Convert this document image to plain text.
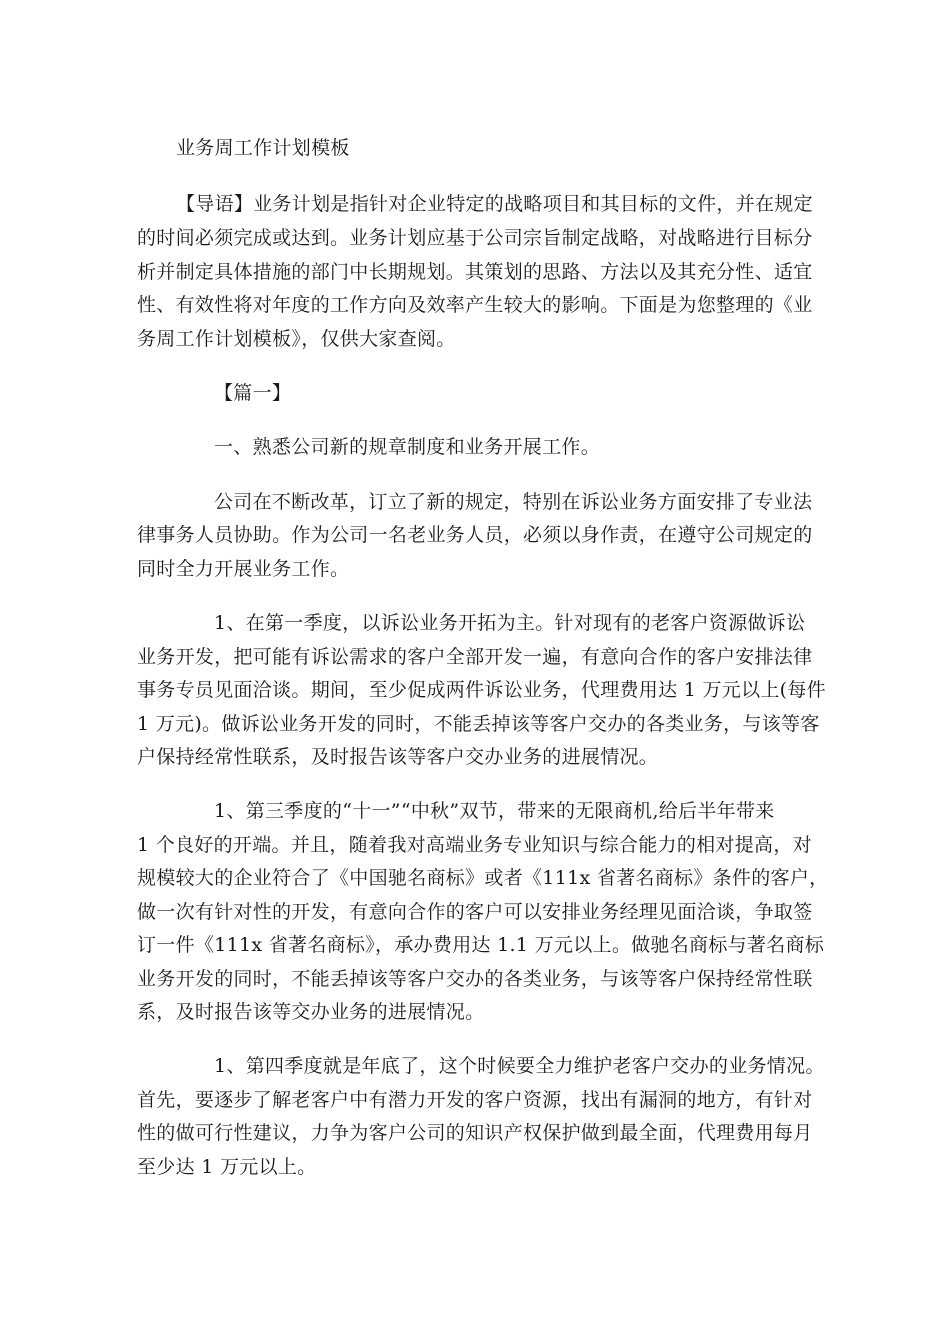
业务周工作计划模板
【导语】业务计划是指针对企业特定的战略项目和其目标的文件，并在规定
的时间必须完成或达到。业务计划应基于公司宗旨制定战略，对战略进行目标分
析并制定具体措施的部门中长期规划。其策划的思路、方法以及其充分性、适宜
性、有效性将对年度的工作方向及效率产生较大的影响。下面是为您整理的《业
务周工作计划模板》，仅供大家查阅。
【篇一】
一、熟悉公司新的规章制度和业务开展工作。
公司在不断改革，订立了新的规定，特别在诉讼业务方面安排了专业法
律事务人员协助。作为公司一名老业务人员，必须以身作责，在遵守公司规定的
同时全力开展业务工作。
1、在第一季度，以诉讼业务开拓为主。针对现有的老客户资源做诉讼
业务开发，把可能有诉讼需求的客户全部开发一遍，有意向合作的客户安排法律
事务专员见面洽谈。期间，至少促成两件诉讼业务，代理费用达 1 万元以上(每件
1 万元)。做诉讼业务开发的同时，不能丢掉该等客户交办的各类业务，与该等客
户保持经常性联系，及时报告该等客户交办业务的进展情况。
1、第三季度的“十一”“中秋”双节，带来的无限商机,给后半年带来
1 个良好的开端。并且，随着我对高端业务专业知识与综合能力的相对提高，对
规模较大的企业符合了《中国驰名商标》或者《111x 省著名商标》条件的客户，
做一次有针对性的开发，有意向合作的客户可以安排业务经理见面洽谈，争取签
订一件《111x 省著名商标》，承办费用达 1.1 万元以上。做驰名商标与著名商标
业务开发的同时，不能丢掉该等客户交办的各类业务，与该等客户保持经常性联
系，及时报告该等交办业务的进展情况。
1、第四季度就是年底了，这个时候要全力维护老客户交办的业务情况。
首先，要逐步了解老客户中有潜力开发的客户资源，找出有漏洞的地方，有针对
性的做可行性建议，力争为客户公司的知识产权保护做到最全面，代理费用每月
至少达 1 万元以上。
